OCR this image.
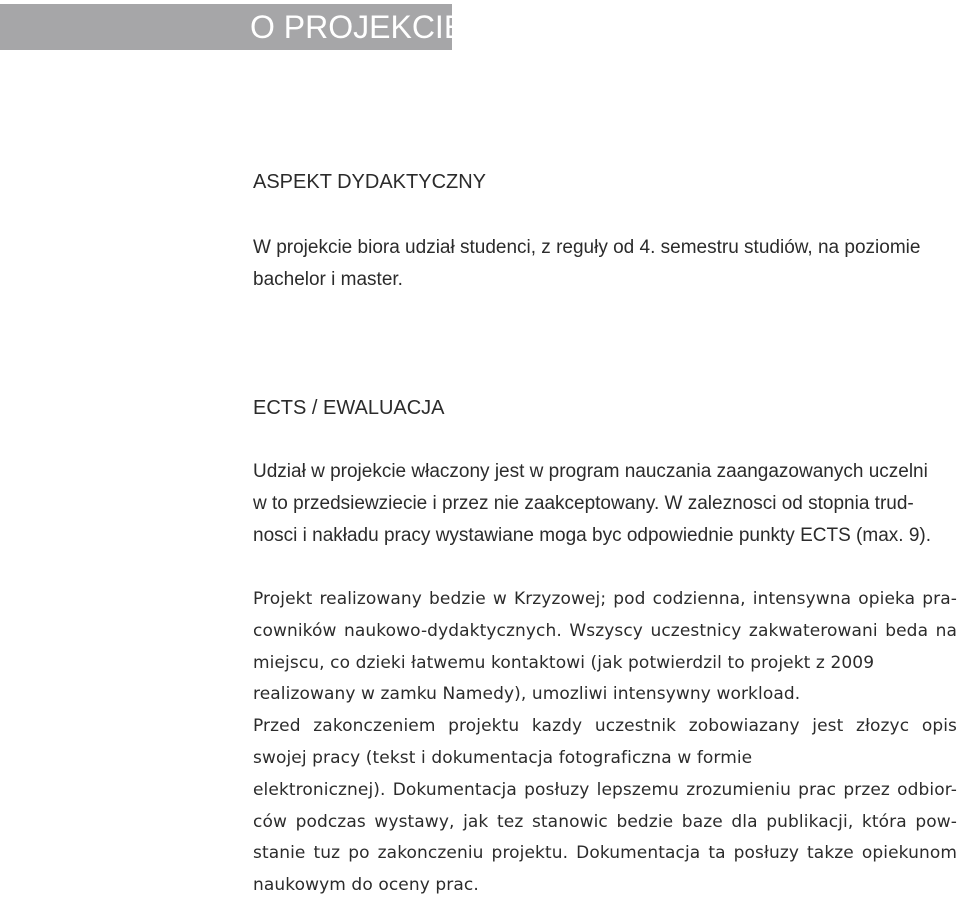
O PROJEKCIE
ASPEKT DYDAKTYCZNY

W projekcie biora udział studenci, z reguły od 4. semestru studiów, na poziomie
bachelor i master.

ECTS / EWALUACJA

Udział w projekcie właczony jest w program nauczania zaangazowanych uczelni
w to przedsiewziecie i przez nie zaakceptowany. W zaleznosci od stopnia trud-
nosci i nakładu pracy wystawiane moga byc odpowiednie punkty ECTS (max. 9).

Projekt realizowany bedzie w Krzyzowej; pod codzienna, intensywna opieka pra-
cowników naukowo-dydaktycznych. Wszyscy uczestnicy zakwaterowani beda na
miejscu, co dzieki łatwemu kontaktowi (jak potwierdzil to projekt z 2009
realizowany w zamku Namedy), umozliwi intensywny workload.
Przed zakonczeniem projektu kazdy uczestnik zobowiazany jest złozyc opis
swojej pracy (tekst i dokumentacja fotograficzna w formie
elektronicznej). Dokumentacja posłuzy lepszemu zrozumieniu prac przez odbior-
ców podczas wystawy, jak tez stanowic bedzie baze dla publikacji, która pow-
stanie tuz po zakonczeniu projektu. Dokumentacja ta posłuzy takze opiekunom
naukowym do oceny prac.
